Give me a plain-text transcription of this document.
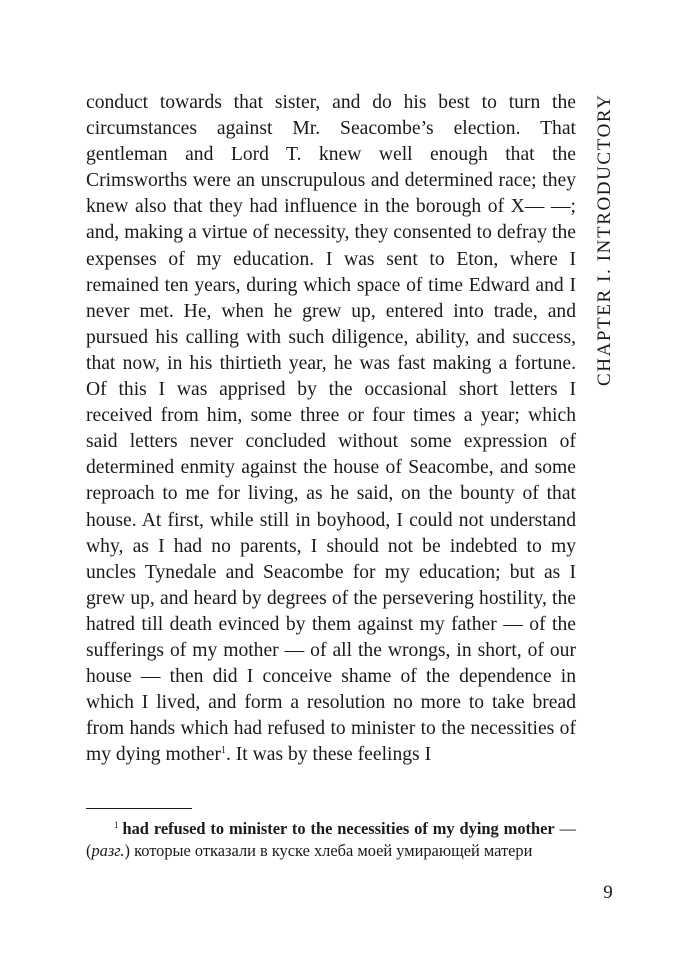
CHAPTER I. INTRODUCTORY

conduct towards that sister, and do his best to turn the circumstances against Mr. Seacombe’s election. That gentleman and Lord T. knew well enough that the Crimsworths were an unscrupulous and determined race; they knew also that they had influence in the borough of X— —; and, making a virtue of necessity, they consented to defray the expenses of my education. I was sent to Eton, where I remained ten years, during which space of time Edward and I never met. He, when he grew up, entered into trade, and pursued his calling with such diligence, ability, and success, that now, in his thirtieth year, he was fast making a fortune. Of this I was apprised by the occasional short letters I received from him, some three or four times a year; which said letters never concluded without some expression of determined enmity against the house of Seacombe, and some reproach to me for living, as he said, on the bounty of that house. At first, while still in boyhood, I could not understand why, as I had no parents, I should not be indebted to my uncles Tynedale and Seacombe for my education; but as I grew up, and heard by degrees of the persevering hostility, the hatred till death evinced by them against my father — of the sufferings of my mother — of all the wrongs, in short, of our house — then did I conceive shame of the dependence in which I lived, and form a resolution no more to take bread from hands which had refused to minister to the necessities of my dying mother$^1$. It was by these feelings I

$^1$ had refused to minister to the necessities of my dying mother — (разг.) которые отказали в куске хлеба моей умирающей матери

9
